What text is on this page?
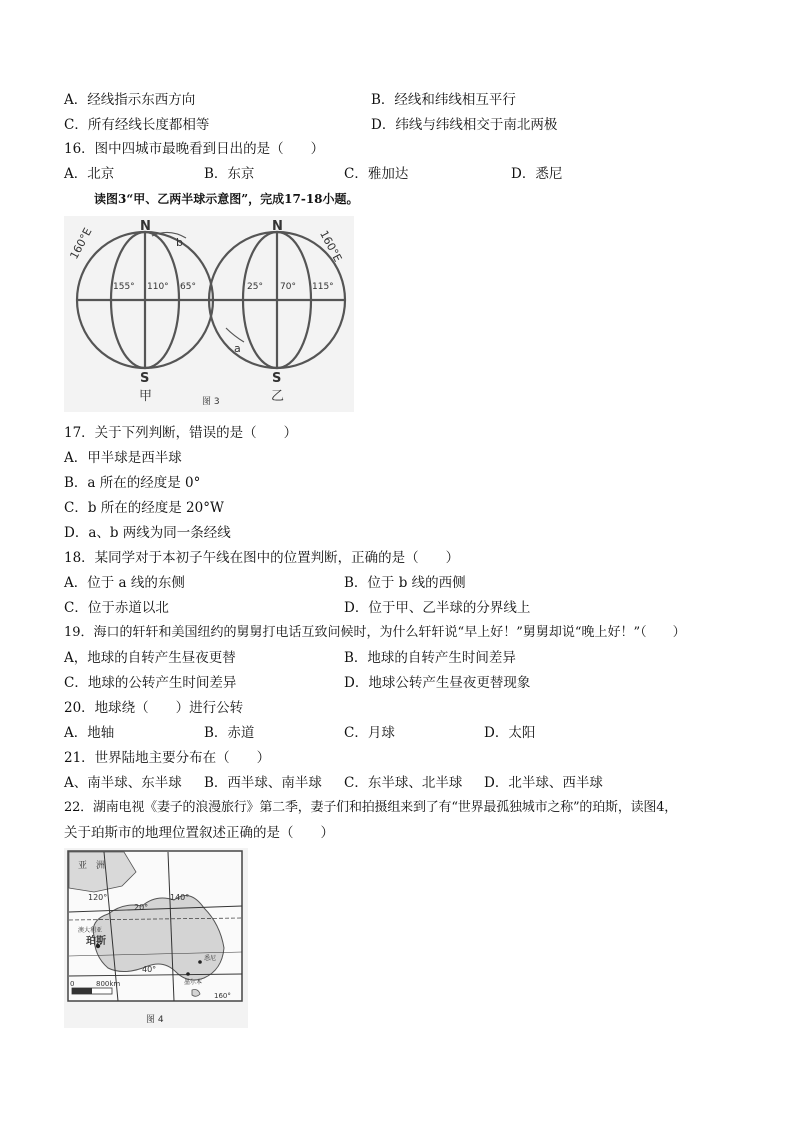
A．经线指示东西方向	B．经线和纬线相互平行
C．所有经线长度都相等	D．纬线与纬线相交于南北两极
16．图中四城市最晚看到日出的是（　　）
A．北京	B．东京	C．雅加达	D．悉尼
读图3“甲、乙两半球示意图”，完成17-18小题。
N
S
甲
b
160°E
155° 110° 65°
N
S
乙
a
160°E
25° 70° 115°
图 3
17．关于下列判断，错误的是（　　）
A．甲半球是西半球
B．a 所在的经度是 0°
C．b 所在的经度是 20°W
D．a、b 两线为同一条经线
18．某同学对于本初子午线在图中的位置判断，正确的是（　　）
A．位于 a 线的东侧	B．位于 b 线的西侧
C．位于赤道以北	D．位于甲、乙半球的分界线上
19．海口的轩轩和美国纽约的舅舅打电话互致问候时，为什么轩轩说“早上好！”舅舅却说“晚上好！”（　　）
A，地球的自转产生昼夜更替	B．地球的自转产生时间差异
C．地球的公转产生时间差异	D．地球公转产生昼夜更替现象
20．地球绕（　　）进行公转
A．地轴	B．赤道	C．月球	D．太阳
21．世界陆地主要分布在（　　）
A、南半球、东半球 B．西半球、南半球 C．东半球、北半球 D．北半球、西半球
22．湖南电视《妻子的浪漫旅行》第二季，妻子们和拍摄组来到了有“世界最孤独城市之称”的珀斯，读图4，
关于珀斯市的地理位置叙述正确的是（　　）
亚　洲
120°	140°
20°
40°
澳大利亚
珀斯
悉尼
墨尔本
0	800km
160°
图 4
